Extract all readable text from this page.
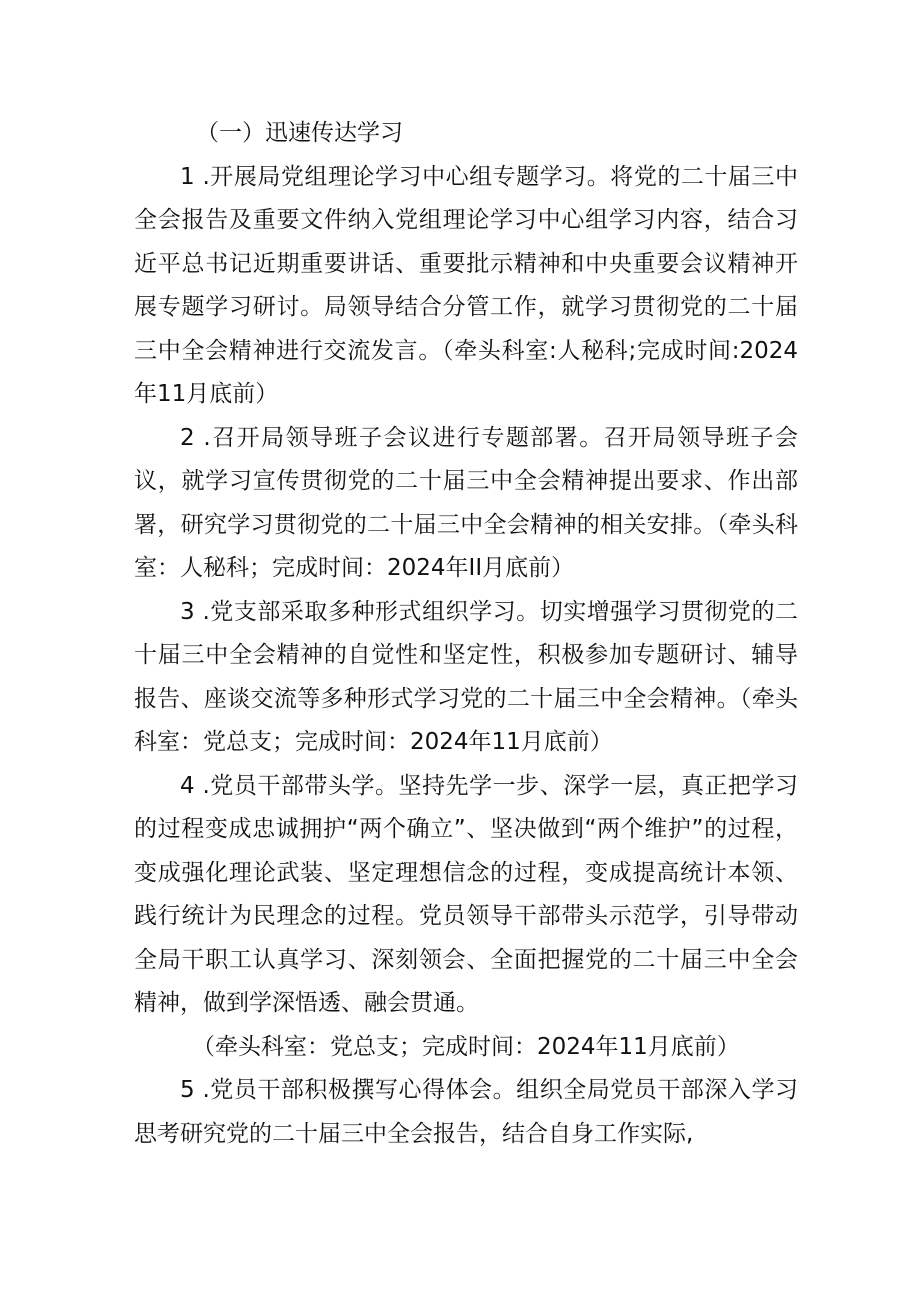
（一）迅速传达学习

1 .开展局党组理论学习中心组专题学习。将党的二十届三中全会报告及重要文件纳入党组理论学习中心组学习内容，结合习近平总书记近期重要讲话、重要批示精神和中央重要会议精神开展专题学习研讨。局领导结合分管工作，就学习贯彻党的二十届三中全会精神进行交流发言。（牵头科室:人秘科;完成时间:2024年11月底前）

2 .召开局领导班子会议进行专题部署。召开局领导班子会议，就学习宣传贯彻党的二十届三中全会精神提出要求、作出部署，研究学习贯彻党的二十届三中全会精神的相关安排。（牵头科室：人秘科；完成时间：2024年II月底前）

3 .党支部采取多种形式组织学习。切实增强学习贯彻党的二十届三中全会精神的自觉性和坚定性，积极参加专题研讨、辅导报告、座谈交流等多种形式学习党的二十届三中全会精神。（牵头科室：党总支；完成时间：2024年11月底前）

4 .党员干部带头学。坚持先学一步、深学一层，真正把学习的过程变成忠诚拥护“两个确立”、坚决做到“两个维护”的过程，变成强化理论武装、坚定理想信念的过程，变成提高统计本领、践行统计为民理念的过程。党员领导干部带头示范学，引导带动全局干职工认真学习、深刻领会、全面把握党的二十届三中全会精神，做到学深悟透、融会贯通。

（牵头科室：党总支；完成时间：2024年11月底前）

5 .党员干部积极撰写心得体会。组织全局党员干部深入学习思考研究党的二十届三中全会报告，结合自身工作实际,
